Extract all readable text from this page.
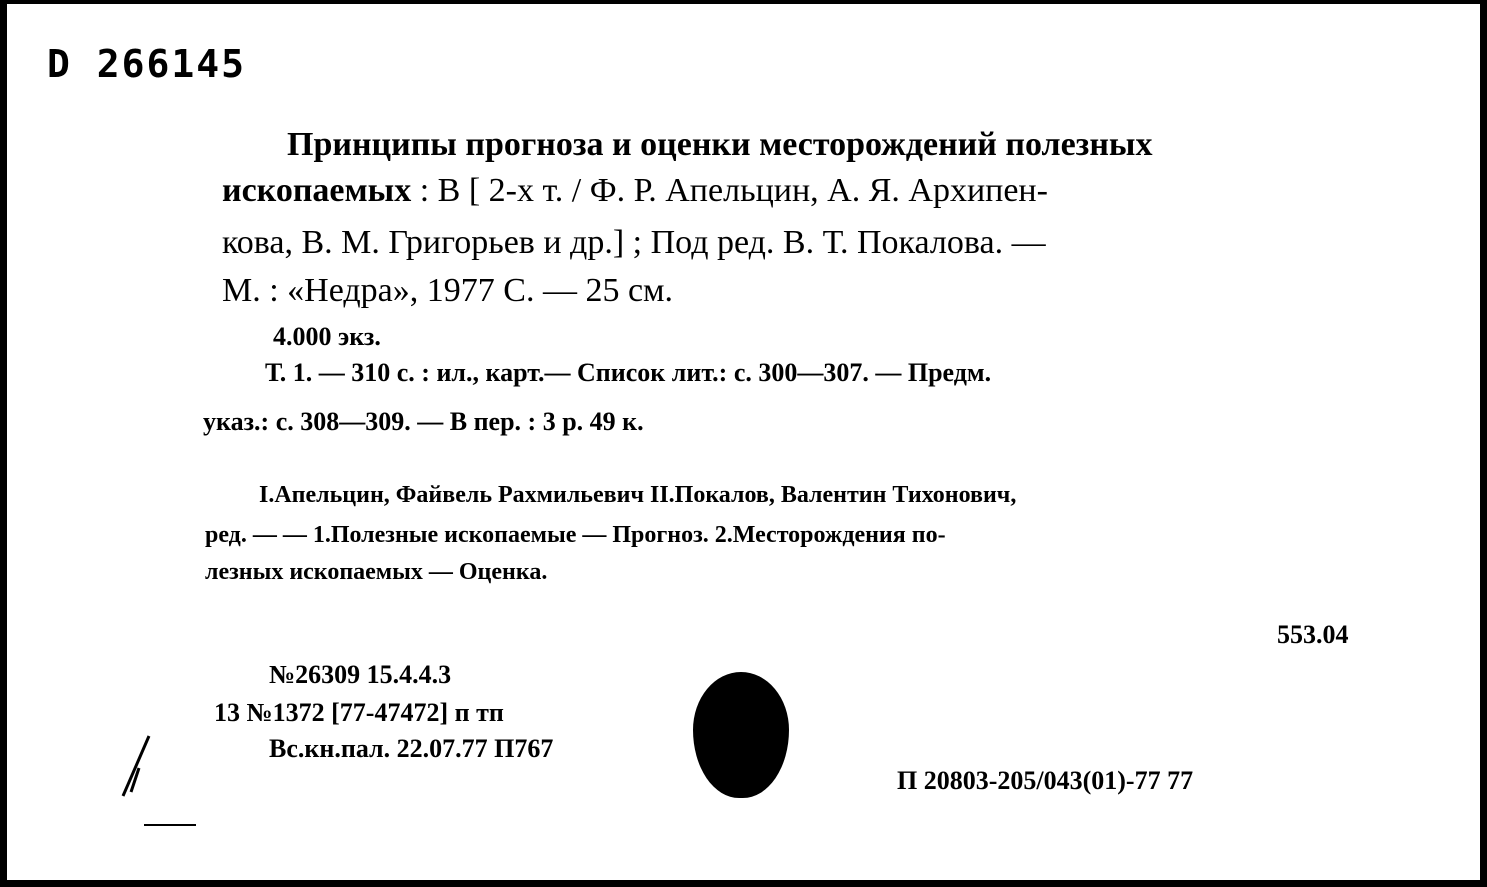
D 266145
Принципы прогноза и оценки месторождений полезных
ископаемых : В [ 2-х т. / Ф. Р. Апельцин, А. Я. Архипен-
кова, В. М. Григорьев и др.] ; Под ред. В. Т. Покалова. —
М. : «Недра», 1977 С. — 25 см.
4.000 экз.
Т. 1. — 310 с. : ил., карт.— Список лит.: с. 300—307. — Предм.
указ.: с. 308—309. — В пер. : 3 р. 49 к.
I.Апельцин, Файвель Рахмильевич II.Покалов, Валентин Тихонович,
ред. — — 1.Полезные ископаемые — Прогноз. 2.Месторождения по-
лезных ископаемых — Оценка.
553.04
№26309 15.4.4.3
13 №1372 [77-47472] п тп
Вс.кн.пал. 22.07.77 П767
П 20803-205/043(01)-77 77
